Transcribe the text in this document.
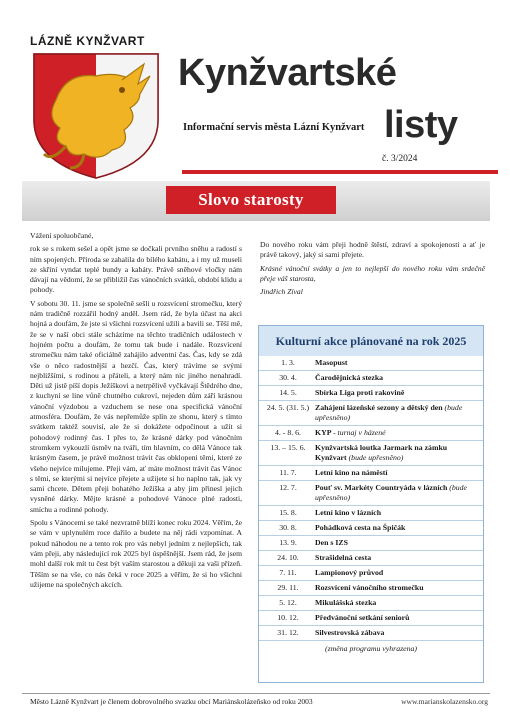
LÁZNĚ KYNŽVART
Kynžvartské
listy
Informační servis města Lázní Kynžvart
č. 3/2024
Slovo starosty

Vážení spoluobčané,

rok se s rokem sešel a opět jsme se dočkali prvního sněhu a radostí s ním spojených. Příroda se zahalila do bílého kabátu, a i my už museli ze skříní vyndat teplé bundy a kabáty. Právě sněhové vločky nám dávají na vědomí, že se přibližil čas vánočních svátků, období klidu a pohody.

V sobotu 30. 11. jsme se společně sešli u rozsvícení stromečku, který nám tradičně rozzářil hodný anděl. Jsem rád, že byla účast na akci hojná a doufám, že jste si všichni rozsvícení užili a bavili se. Těší mě, že se v naší obci stále scházíme na těchto tradičních událostech v hojném počtu a doufám, že tomu tak bude i nadále. Rozsvícení stromečku nám také oficiálně zahájilo adventní čas. Čas, kdy se zdá vše o něco radostnější a hezčí. Čas, který trávíme se svými nejbližšími, s rodinou a přáteli, a který nám nic jiného nenahradí. Děti už jistě píší dopis Ježíškovi a netrpělivě vyčkávají Štědrého dne, z kuchyní se line vůně chutného cukroví, nejeden dům září krásnou vánoční výzdobou a vzduchem se nese ona specifická vánoční atmosféra. Doufám, že vás nepřemůže splín ze shonu, který s tímto svátkem taktéž souvisí, ale že si dokážete odpočinout a užít si pohodový rodinný čas. I přes to, že krásné dárky pod vánočním stromkem vykouzlí úsměv na tváři, tím hlavním, co dělá Vánoce tak krásným časem, je právě možnost trávit čas obklopeni těmi, které ze všeho nejvíce milujeme. Přeji vám, ať máte možnost trávit čas Vánoc s těmi, se kterými si nejvíce přejete a užijete si ho naplno tak, jak vy sami chcete. Dětem přeji bohatého Ježíška a aby jim přinesl jejich vysněné dárky. Mějte krásné a pohodové Vánoce plné radosti, smíchu a rodinné pohody.

Spolu s Vánocemi se také nezvratně blíží konec roku 2024. Věřím, že se vám v uplynulém roce dařilo a budete na něj rádi vzpomínat. A pokud náhodou ne a tento rok pro vás nebyl jedním z nejlepších, tak vám přeji, aby následující rok 2025 byl úspěšnější. Jsem rád, že jsem mohl další rok mít tu čest být vaším starostou a děkuji za vaši přízeň. Těším se na vše, co nás čeká v roce 2025 a věřím, že si ho všichni užijeme na společných akcích.

Do nového roku vám přeji hodně štěstí, zdraví a spokojenosti a ať je právě takový, jaký si sami přejete.

Krásné vánoční svátky a jen to nejlepší do nového roku vám srdečně přeje váš starosta,

Jindřich Zíval

Kulturní akce plánované na rok 2025
1. 3.	Masopust
30. 4.	Čarodějnická stezka
14. 5.	Sbírka Liga proti rakovině
24. 5. (31. 5.) Zahájení lázeňské sezony a dětský den (bude upřesněno)
4. - 8. 6.	KYP - turnaj v házené
13. – 15. 6.	Kynžvartská loutka Jarmark na zámku Kynžvart (bude upřesněno)
11. 7.	Letní kino na náměstí
12. 7.	Pouť sv. Markéty Countryáda v lázních (bude upřesněno)
15. 8.	Letní kino v lázních
30. 8.	Pohádková cesta na Špičák
13. 9.	Den s IZS
24. 10.	Strašidelná cesta
7. 11.	Lampionový průvod
29. 11.	Rozsvícení vánočního stromečku
5. 12.	Mikulášská stezka
10. 12.	Předvánoční setkání seniorů
31. 12.	Silvestrovská zábava
(změna programu vyhrazena)
Město Lázně Kynžvart je členem dobrovolného svazku obcí Mariánskolázeňsko od roku 2003	www.marianskolazensko.org
